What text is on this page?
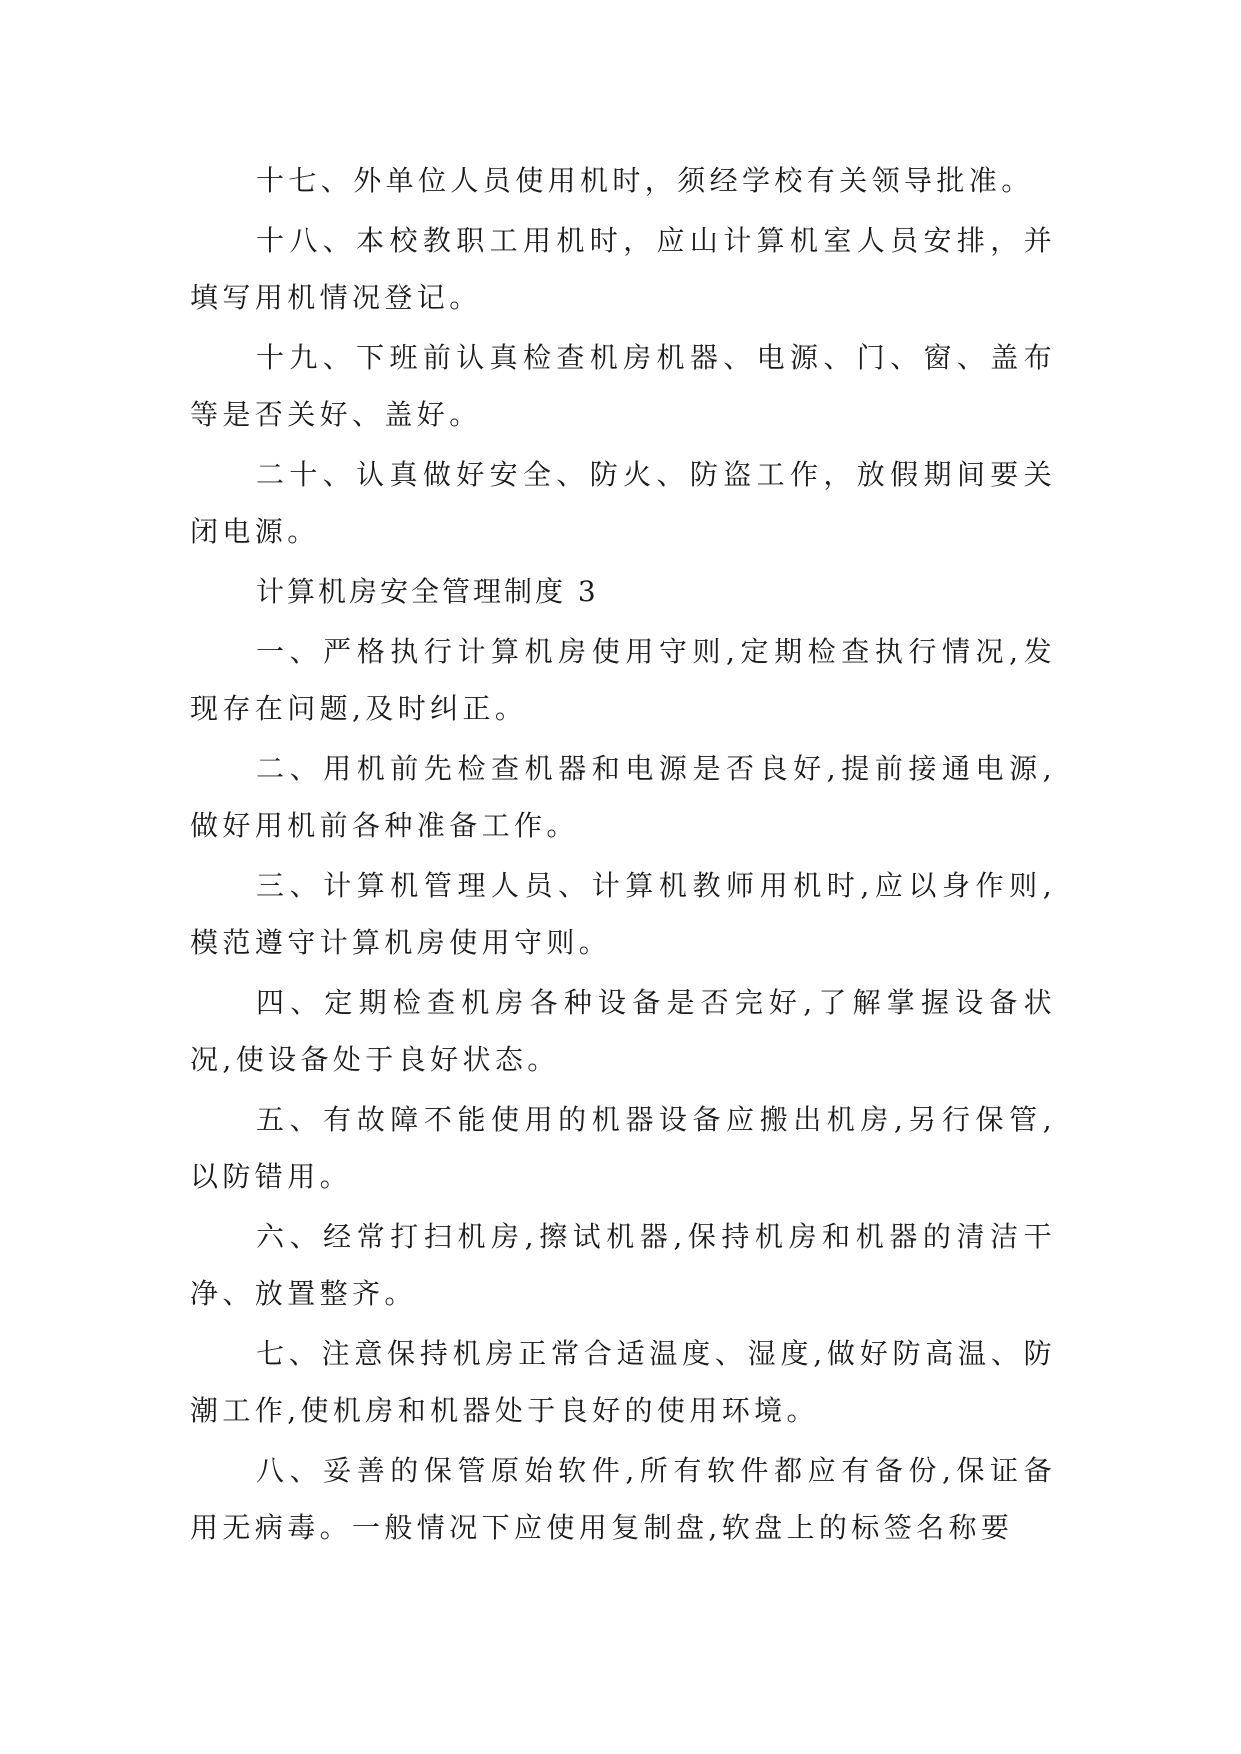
十七、外单位人员使用机时，须经学校有关领导批准。

十八、本校教职工用机时，应山计算机室人员安排，并填写用机情况登记。

十九、下班前认真检查机房机器、电源、门、窗、盖布等是否关好、盖好。

二十、认真做好安全、防火、防盗工作，放假期间要关闭电源。

计算机房安全管理制度 3

一、严格执行计算机房使用守则,定期检查执行情况,发现存在问题,及时纠正。

二、用机前先检查机器和电源是否良好,提前接通电源,做好用机前各种准备工作。

三、计算机管理人员、计算机教师用机时,应以身作则,模范遵守计算机房使用守则。

四、定期检查机房各种设备是否完好,了解掌握设备状况,使设备处于良好状态。

五、有故障不能使用的机器设备应搬出机房,另行保管,以防错用。

六、经常打扫机房,擦试机器,保持机房和机器的清洁干净、放置整齐。

七、注意保持机房正常合适温度、湿度,做好防高温、防潮工作,使机房和机器处于良好的使用环境。

八、妥善的保管原始软件,所有软件都应有备份,保证备用无病毒。一般情况下应使用复制盘,软盘上的标签名称要
